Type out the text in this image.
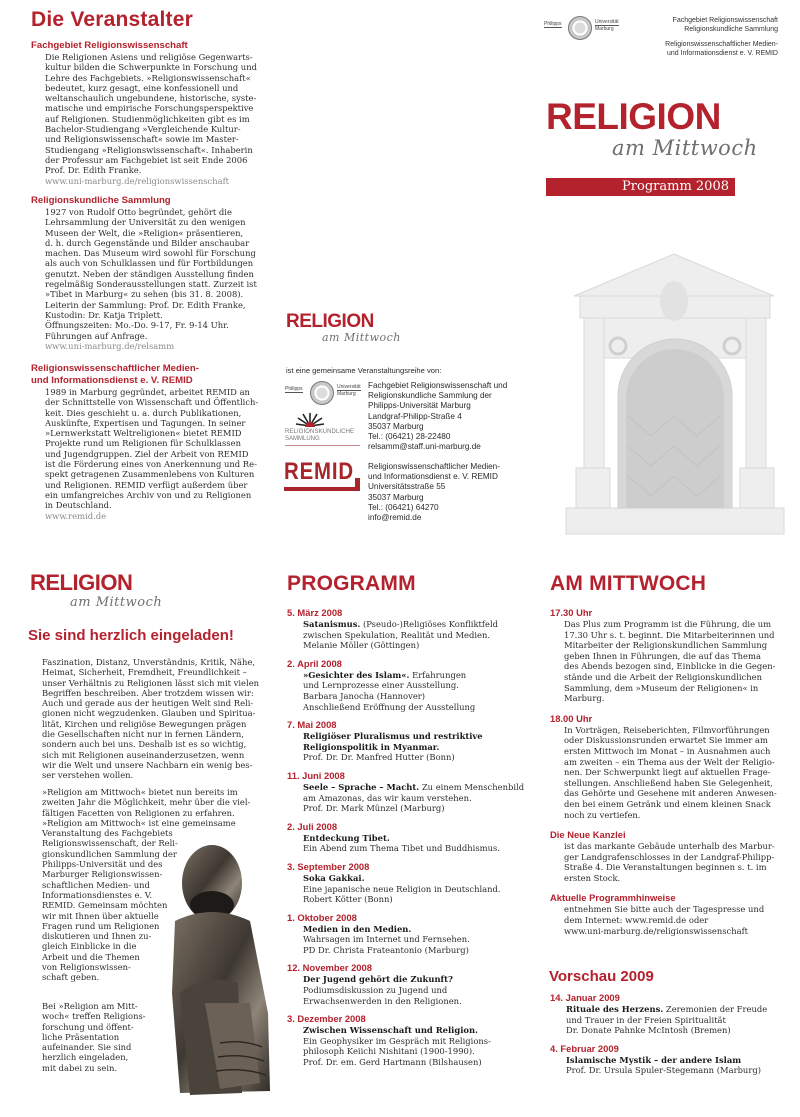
Die Veranstalter
Fachgebiet Religionswissenschaft
Die Religionen Asiens und religiöse Gegenwarts-
kultur bilden die Schwerpunkte in Forschung und
Lehre des Fachgebiets. »Religionswissenschaft«
bedeutet, kurz gesagt, eine konfessionell und
weltanschaulich ungebundene, historische, syste-
matische und empirische Forschungsperspektive
auf Religionen. Studienmöglichkeiten gibt es im
Bachelor-Studiengang »Vergleichende Kultur-
und Religionswissenschaft« sowie im Master-
Studiengang »Religionswissenschaft«. Inhaberin
der Professur am Fachgebiet ist seit Ende 2006
Prof. Dr. Edith Franke.
www.uni-marburg.de/religionswissenschaft
Religionskundliche Sammlung
1927 von Rudolf Otto begründet, gehört die
Lehrsammlung der Universität zu den wenigen
Museen der Welt, die »Religion« präsentieren,
d. h. durch Gegenstände und Bilder anschaubar
machen. Das Museum wird sowohl für Forschung
als auch von Schulklassen und für Fortbildungen
genutzt. Neben der ständigen Ausstellung finden
regelmäßig Sonderausstellungen statt. Zurzeit ist
»Tibet in Marburg« zu sehen (bis 31. 8. 2008).
Leiterin der Sammlung: Prof. Dr. Edith Franke,
Kustodin: Dr. Katja Triplett.
Öffnungszeiten: Mo.-Do. 9-17, Fr. 9-14 Uhr.
Führungen auf Anfrage.
www.uni-marburg.de/relsamm
Religionswissenschaftlicher Medien-
und Informationsdienst e. V. REMID
1989 in Marburg gegründet, arbeitet REMID an
der Schnittstelle von Wissenschaft und Öffentlich-
keit. Dies geschieht u. a. durch Publikationen,
Auskünfte, Expertisen und Tagungen. In seiner
»Lernwerkstatt Weltreligionen« bietet REMID
Projekte rund um Religionen für Schulklassen
und Jugendgruppen. Ziel der Arbeit von REMID
ist die Förderung eines von Anerkennung und Re-
spekt getragenen Zusammenlebens von Kulturen
und Religionen. REMID verfügt außerdem über
ein umfangreiches Archiv von und zu Religionen
in Deutschland.
www.remid.de
RELIGION
am Mittwoch
ist eine gemeinsame Veranstaltungsreihe von:
Philipps	Universität
Marburg
RELIGIONSKUNDLICHE
SAMMLUNG
REMID
Fachgebiet Religionswissenschaft und
Religionskundliche Sammlung der
Philipps-Universität Marburg
Landgraf-Philipp-Straße 4
35037 Marburg
Tel.: (06421) 28-22480
relsamm@staff.uni-marburg.de
Religionswissenschaftlicher Medien-
und Informationsdienst e. V. REMID
Universitätsstraße 55
35037 Marburg
Tel.: (06421) 64270
info@remid.de
Philipps	Universität
Marburg
Fachgebiet Religionswissenschaft
Religionskundliche Sammlung
Religionswissenschaftlicher Medien-
und Informationsdienst e. V. REMID
RELIGION
am Mittwoch
Programm 2008
RELIGION
am Mittwoch
Sie sind herzlich eingeladen!
Faszination, Distanz, Unverständnis, Kritik, Nähe,
Heimat, Sicherheit, Fremdheit, Freundlichkeit –
unser Verhältnis zu Religionen lässt sich mit vielen
Begriffen beschreiben. Aber trotzdem wissen wir:
Auch und gerade aus der heutigen Welt sind Reli-
gionen nicht wegzudenken. Glauben und Spiritua-
lität, Kirchen und religiöse Bewegungen prägen
die Gesellschaften nicht nur in fernen Ländern,
sondern auch bei uns. Deshalb ist es so wichtig,
sich mit Religionen auseinanderzusetzen, wenn
wir die Welt und unsere Nachbarn ein wenig bes-
ser verstehen wollen.
»Religion am Mittwoch« bietet nun bereits im
zweiten Jahr die Möglichkeit, mehr über die viel-
fältigen Facetten von Religionen zu erfahren.
»Religion am Mittwoch« ist eine gemeinsame
Veranstaltung des Fachgebiets
Religionswissenschaft, der Reli-
gionskundlichen Sammlung der
Philipps-Universität und des
Marburger Religionswissen-
schaftlichen Medien- und
Informationsdienstes e. V.
REMID. Gemeinsam möchten
wir mit Ihnen über aktuelle
Fragen rund um Religionen
diskutieren und Ihnen zu-
gleich Einblicke in die
Arbeit und die Themen
von Religionswissen-
schaft geben.
Bei »Religion am Mitt-
woch« treffen Religions-
forschung und öffent-
liche Präsentation
aufeinander. Sie sind
herzlich eingeladen,
mit dabei zu sein.
PROGRAMM
5. März 2008
Satanismus. (Pseudo-)Religiöses Konfliktfeld
zwischen Spekulation, Realität und Medien.
Melanie Möller (Göttingen)
2. April 2008
»Gesichter des Islam«. Erfahrungen
und Lernprozesse einer Ausstellung.
Barbara Janocha (Hannover)
Anschließend Eröffnung der Ausstellung
7. Mai 2008
Religiöser Pluralismus und restriktive
Religionspolitik in Myanmar.
Prof. Dr. Dr. Manfred Hutter (Bonn)
11. Juni 2008
Seele – Sprache – Macht. Zu einem Menschenbild
am Amazonas, das wir kaum verstehen.
Prof. Dr. Mark Münzel (Marburg)
2. Juli 2008
Entdeckung Tibet.
Ein Abend zum Thema Tibet und Buddhismus.
3. September 2008
Soka Gakkai.
Eine japanische neue Religion in Deutschland.
Robert Kötter (Bonn)
1. Oktober 2008
Medien in den Medien.
Wahrsagen im Internet und Fernsehen.
PD Dr. Christa Frateantonio (Marburg)
12. November 2008
Der Jugend gehört die Zukunft?
Podiumsdiskussion zu Jugend und
Erwachsenwerden in den Religionen.
3. Dezember 2008
Zwischen Wissenschaft und Religion.
Ein Geophysiker im Gespräch mit Religions-
philosoph Keiichi Nishitani (1900-1990).
Prof. Dr. em. Gerd Hartmann (Bilshausen)
AM MITTWOCH
17.30 Uhr
Das Plus zum Programm ist die Führung, die um
17.30 Uhr s. t. beginnt. Die Mitarbeiterinnen und
Mitarbeiter der Religionskundlichen Sammlung
geben Ihnen in Führungen, die auf das Thema
des Abends bezogen sind, Einblicke in die Gegen-
stände und die Arbeit der Religionskundlichen
Sammlung, dem »Museum der Religionen« in
Marburg.
18.00 Uhr
In Vorträgen, Reiseberichten, Filmvorführungen
oder Diskussionsrunden erwartet Sie immer am
ersten Mittwoch im Monat – in Ausnahmen auch
am zweiten – ein Thema aus der Welt der Religio-
nen. Der Schwerpunkt liegt auf aktuellen Frage-
stellungen. Anschließend haben Sie Gelegenheit,
das Gehörte und Gesehene mit anderen Anwesen-
den bei einem Getränk und einem kleinen Snack
noch zu vertiefen.
Die Neue Kanzlei
ist das markante Gebäude unterhalb des Marbur-
ger Landgrafenschlosses in der Landgraf-Philipp-
Straße 4. Die Veranstaltungen beginnen s. t. im
ersten Stock.
Aktuelle Programmhinweise
entnehmen Sie bitte auch der Tagespresse und
dem Internet: www.remid.de oder
www.uni-marburg.de/religionswissenschaft
Vorschau 2009
14. Januar 2009
Rituale des Herzens. Zeremonien der Freude
und Trauer in der Freien Spiritualität
Dr. Donate Pahnke McIntosh (Bremen)
4. Februar 2009
Islamische Mystik – der andere Islam
Prof. Dr. Ursula Spuler-Stegemann (Marburg)
